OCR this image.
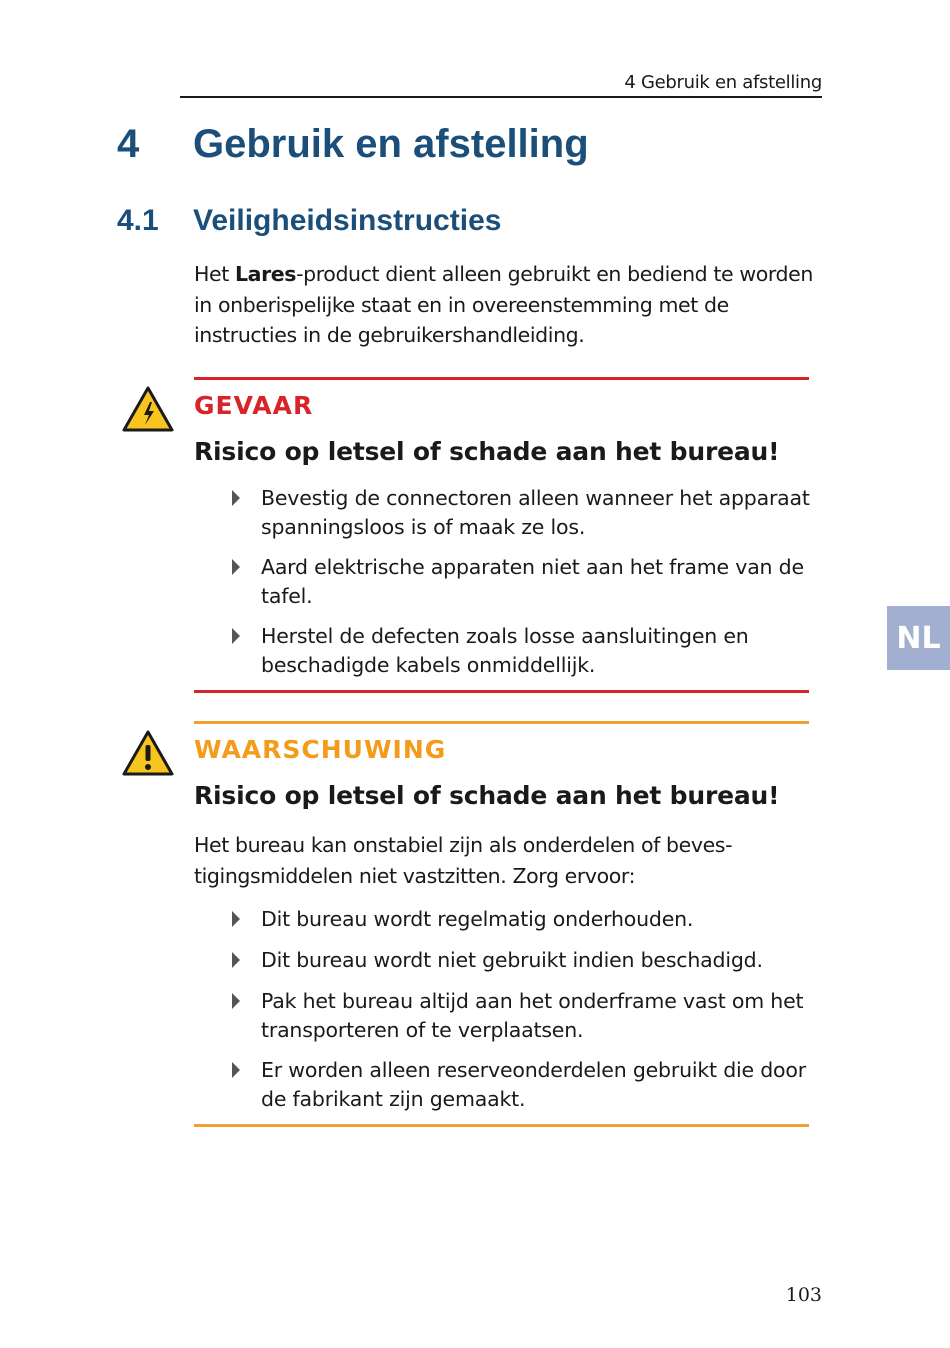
4 Gebruik en afstelling
4 Gebruik en afstelling
4.1 Veiligheidsinstructies
Het Lares-product dient alleen gebruikt en bediend te worden in onberispelijke staat en in overeenstemming met de instructies in de gebruikershandleiding.
GEVAAR
Risico op letsel of schade aan het bureau!
Bevestig de connectoren alleen wanneer het apparaat spanningsloos is of maak ze los.
Aard elektrische apparaten niet aan het frame van de tafel.
Herstel de defecten zoals losse aansluitingen en beschadigde kabels onmiddellijk.
WAARSCHUWING
Risico op letsel of schade aan het bureau!
Het bureau kan onstabiel zijn als onderdelen of beves-tigingsmiddelen niet vastzitten. Zorg ervoor:
Dit bureau wordt regelmatig onderhouden.
Dit bureau wordt niet gebruikt indien beschadigd.
Pak het bureau altijd aan het onderframe vast om het transporteren of te verplaatsen.
Er worden alleen reserveonderdelen gebruikt die door de fabrikant zijn gemaakt.
NL
103
